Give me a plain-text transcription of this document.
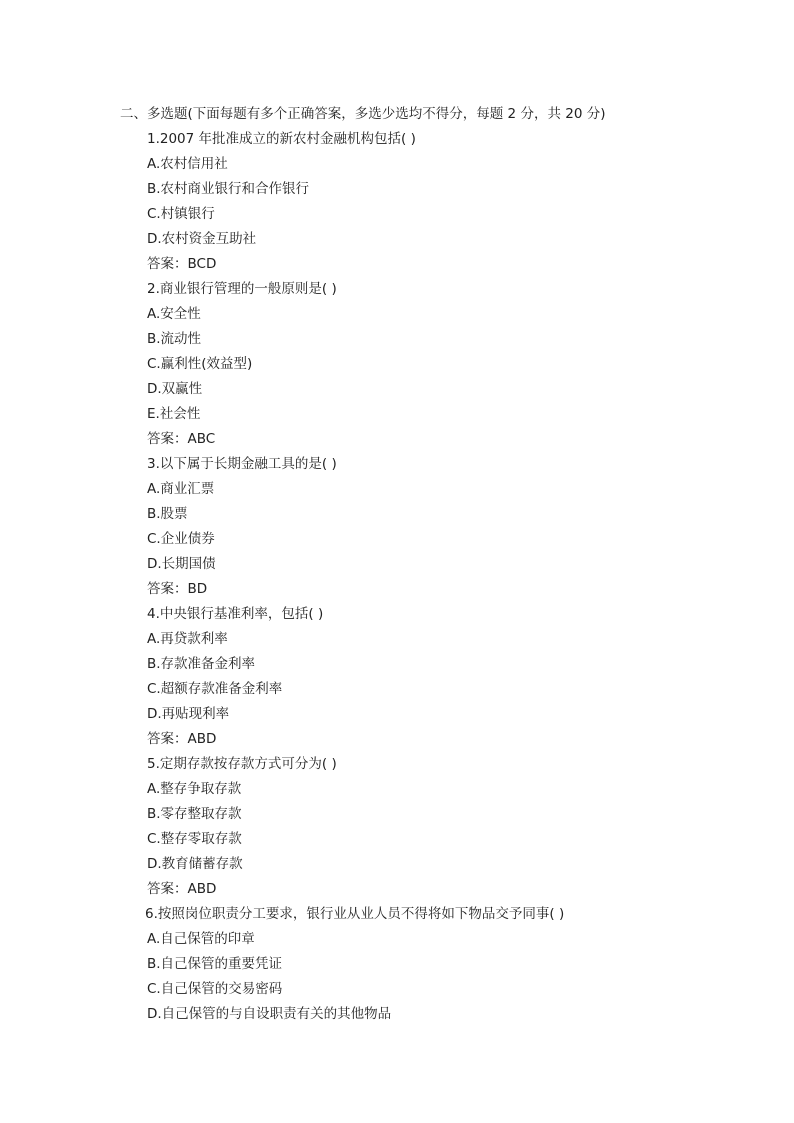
二、多选题(下面每题有多个正确答案，多选少选均不得分，每题 2 分，共 20 分)
1.2007 年批准成立的新农村金融机构包括( )
A.农村信用社
B.农村商业银行和合作银行
C.村镇银行
D.农村资金互助社
答案：BCD
2.商业银行管理的一般原则是( )
A.安全性
B.流动性
C.赢利性(效益型)
D.双赢性
E.社会性
答案：ABC
3.以下属于长期金融工具的是( )
A.商业汇票
B.股票
C.企业债券
D.长期国债
答案：BD
4.中央银行基准利率，包括( )
A.再贷款利率
B.存款准备金利率
C.超额存款准备金利率
D.再贴现利率
答案：ABD
5.定期存款按存款方式可分为( )
A.整存争取存款
B.零存整取存款
C.整存零取存款
D.教育储蓄存款
答案：ABD
6.按照岗位职责分工要求，银行业从业人员不得将如下物品交予同事( )
A.自己保管的印章
B.自己保管的重要凭证
C.自己保管的交易密码
D.自己保管的与自设职责有关的其他物品
